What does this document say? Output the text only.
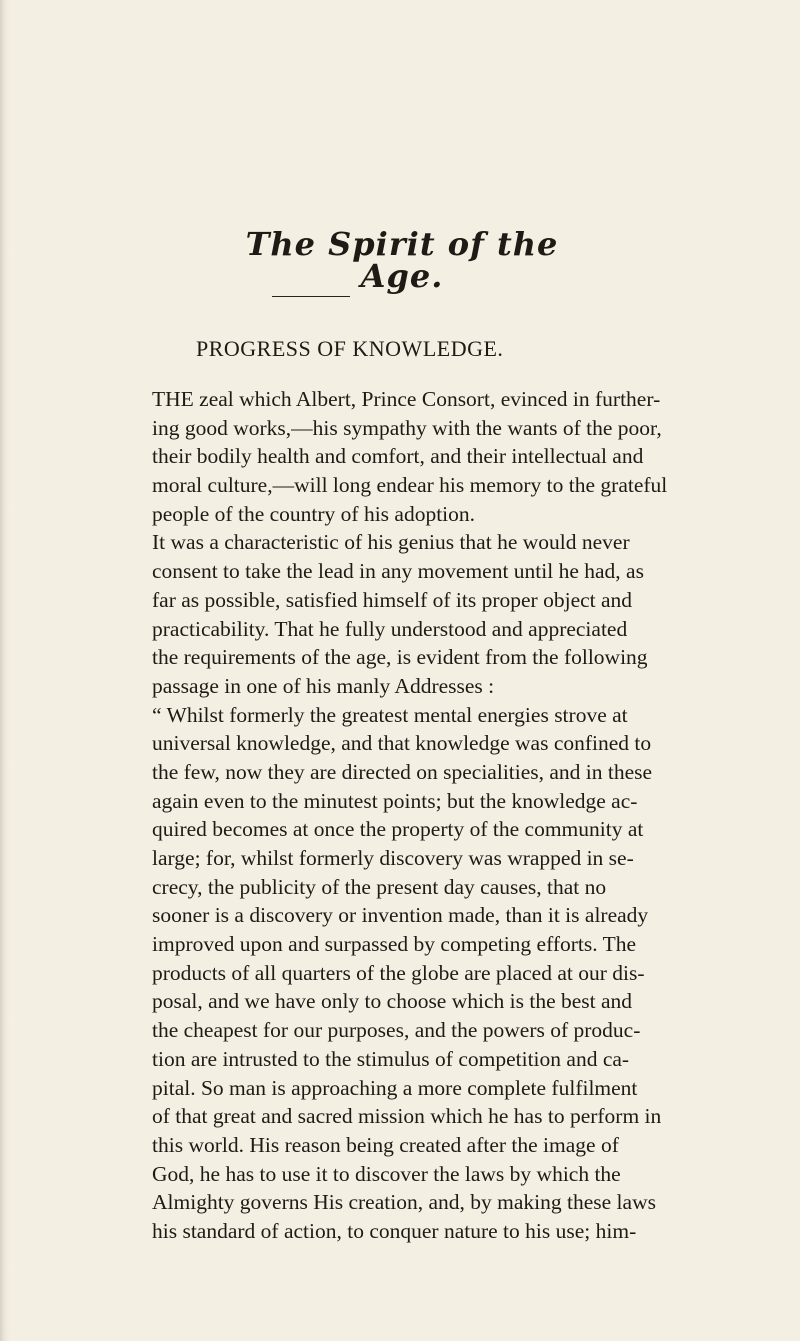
The Spirit of the Age.
PROGRESS OF KNOWLEDGE.
THE zeal which Albert, Prince Consort, evinced in further-
ing good works,—his sympathy with the wants of the poor,
their bodily health and comfort, and their intellectual and
moral culture,—will long endear his memory to the grateful
people of the country of his adoption.
It was a characteristic of his genius that he would never
consent to take the lead in any movement until he had, as
far as possible, satisfied himself of its proper object and
practicability. That he fully understood and appreciated
the requirements of the age, is evident from the following
passage in one of his manly Addresses :
“ Whilst formerly the greatest mental energies strove at
universal knowledge, and that knowledge was confined to
the few, now they are directed on specialities, and in these
again even to the minutest points; but the knowledge ac-
quired becomes at once the property of the community at
large; for, whilst formerly discovery was wrapped in se-
crecy, the publicity of the present day causes, that no
sooner is a discovery or invention made, than it is already
improved upon and surpassed by competing efforts. The
products of all quarters of the globe are placed at our dis-
posal, and we have only to choose which is the best and
the cheapest for our purposes, and the powers of produc-
tion are intrusted to the stimulus of competition and ca-
pital. So man is approaching a more complete fulfilment
of that great and sacred mission which he has to perform in
this world. His reason being created after the image of
God, he has to use it to discover the laws by which the
Almighty governs His creation, and, by making these laws
his standard of action, to conquer nature to his use; him-
